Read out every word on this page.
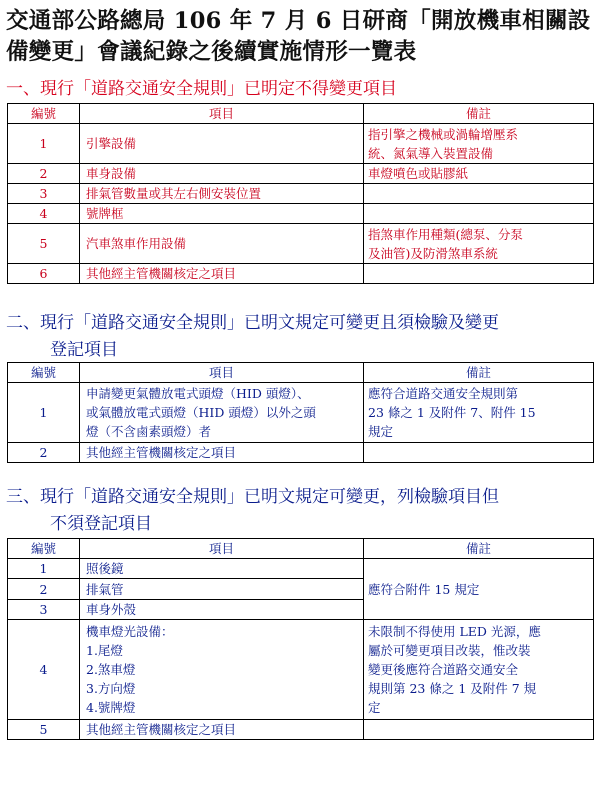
交通部公路總局 106 年 7 月 6 日研商「開放機車相關設備變更」會議紀錄之後續實施情形一覽表
一、現行「道路交通安全規則」已明定不得變更項目
編號	項目	備註
1	引擎設備	指引擎之機械或渦輪增壓系
統、氮氣導入裝置設備
2	車身設備	車燈噴色或貼膠紙
3	排氣管數量或其左右側安裝位置	
4	號牌框	
5	汽車煞車作用設備	指煞車作用種類(總泵、分泵
及油管)及防滑煞車系統
6	其他經主管機關核定之項目	
二、現行「道路交通安全規則」已明文規定可變更且須檢驗及變更
登記項目
編號	項目	備註
1	申請變更氣體放電式頭燈（HID 頭燈）、
或氣體放電式頭燈（HID 頭燈）以外之頭
燈（不含鹵素頭燈）者	應符合道路交通安全規則第
23 條之 1 及附件 7、附件 15
規定
2	其他經主管機關核定之項目	
三、現行「道路交通安全規則」已明文規定可變更，列檢驗項目但
不須登記項目
編號	項目	備註
1	照後鏡	應符合附件 15 規定
2	排氣管	
3	車身外殼	
4	機車燈光設備：
1.尾燈
2.煞車燈
3.方向燈
4.號牌燈	未限制不得使用 LED 光源，應
屬於可變更項目改裝，惟改裝
變更後應符合道路交通安全
規則第 23 條之 1 及附件 7 規
定
5	其他經主管機關核定之項目	
